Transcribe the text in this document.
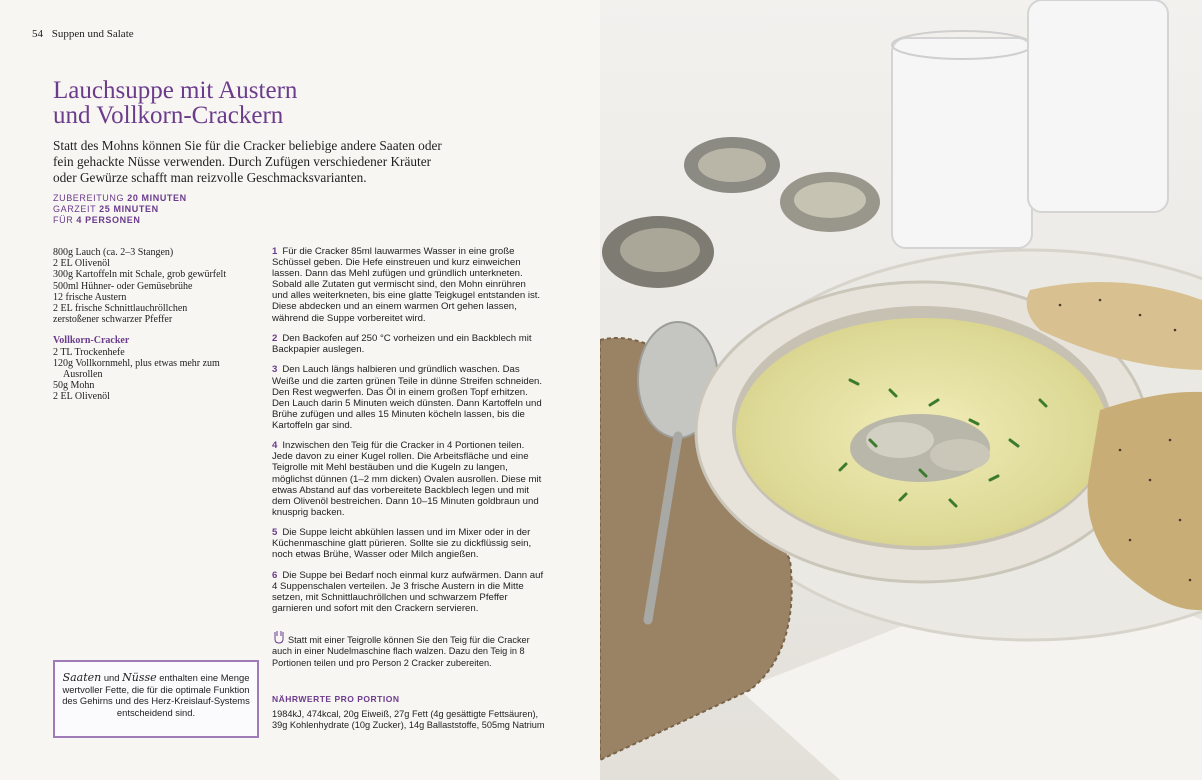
54 Suppen und Salate
Lauchsuppe mit Austern
und Vollkorn-Crackern

Statt des Mohns können Sie für die Cracker beliebige andere Saaten oder fein gehackte Nüsse verwenden. Durch Zufügen verschiedener Kräuter oder Gewürze schafft man reizvolle Geschmacksvarianten.

ZUBEREITUNG 20 MINUTEN
GARZEIT 25 MINUTEN
FÜR 4 PERSONEN
800g Lauch (ca. 2–3 Stangen)
2 EL Olivenöl
300g Kartoffeln mit Schale, grob gewürfelt
500ml Hühner- oder Gemüsebrühe
12 frische Austern
2 EL frische Schnittlauchröllchen
zerstoßener schwarzer Pfeffer
Vollkorn-Cracker
2 TL Trockenhefe
120g Vollkornmehl, plus etwas mehr zum
Ausrollen
50g Mohn
2 EL Olivenöl
1 Für die Cracker 85ml lauwarmes Wasser in eine große Schüssel geben. Die Hefe einstreuen und kurz einweichen lassen. Dann das Mehl zufügen und gründlich unterkneten. Sobald alle Zutaten gut vermischt sind, den Mohn einrühren und alles weiterkneten, bis eine glatte Teigkugel entstanden ist. Diese abdecken und an einem warmen Ort gehen lassen, während die Suppe vorbereitet wird.
2 Den Backofen auf 250 °C vorheizen und ein Backblech mit Backpapier auslegen.
3 Den Lauch längs halbieren und gründlich waschen. Das Weiße und die zarten grünen Teile in dünne Streifen schneiden. Den Rest wegwerfen. Das Öl in einem großen Topf erhitzen. Den Lauch darin 5 Minuten weich dünsten. Dann Kartoffeln und Brühe zufügen und alles 15 Minuten köcheln lassen, bis die Kartoffeln gar sind.
4 Inzwischen den Teig für die Cracker in 4 Portionen teilen. Jede davon zu einer Kugel rollen. Die Arbeitsfläche und eine Teigrolle mit Mehl bestäuben und die Kugeln zu langen, möglichst dünnen (1–2 mm dicken) Ovalen ausrollen. Diese mit etwas Abstand auf das vorbereitete Backblech legen und mit dem Olivenöl bestreichen. Dann 10–15 Minuten goldbraun und knusprig backen.
5 Die Suppe leicht abkühlen lassen und im Mixer oder in der Küchenmaschine glatt pürieren. Sollte sie zu dickflüssig sein, noch etwas Brühe, Wasser oder Milch angießen.
6 Die Suppe bei Bedarf noch einmal kurz aufwärmen. Dann auf 4 Suppenschalen verteilen. Je 3 frische Austern in die Mitte setzen, mit Schnittlauchröllchen und schwarzem Pfeffer garnieren und sofort mit den Crackern servieren.
Statt mit einer Teigrolle können Sie den Teig für die Cracker auch in einer Nudelmaschine flach walzen. Dazu den Teig in 8 Portionen teilen und pro Person 2 Cracker zubereiten.
NÄHRWERTE PRO PORTION
1984kJ, 474kcal, 20g Eiweiß, 27g Fett (4g gesättigte Fettsäuren), 39g Kohlenhydrate (10g Zucker), 14g Ballaststoffe, 505mg Natrium
Saaten und Nüsse enthalten eine Menge wertvoller Fette, die für die optimale Funktion des Gehirns und des Herz-Kreislauf-Systems entscheidend sind.
